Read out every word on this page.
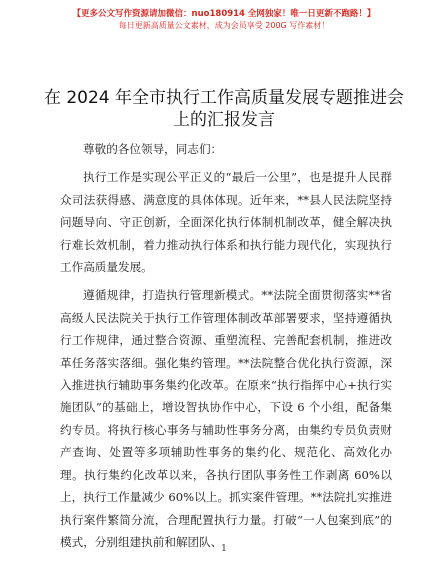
【更多公文写作资源请加微信：nuo180914 全网独家！唯一日更新不跑路！】
每日更新高质量公文素材，成为会员享受 200G 写作素材！
在 2024 年全市执行工作高质量发展专题推进会
上的汇报发言

尊敬的各位领导，同志们：

执行工作是实现公平正义的“最后一公里”，也是提升人民群众司法获得感、满意度的具体体现。近年来，**县人民法院坚持问题导向、守正创新，全面深化执行体制机制改革，健全解决执行难长效机制，着力推动执行体系和执行能力现代化，实现执行工作高质量发展。

遵循规律，打造执行管理新模式。**法院全面贯彻落实**省高级人民法院关于执行工作管理体制改革部署要求，坚持遵循执行工作规律，通过整合资源、重塑流程、完善配套机制，推进改革任务落实落细。强化集约管理。**法院整合优化执行资源，深入推进执行辅助事务集约化改革。在原来“执行指挥中心+执行实施团队”的基础上，增设智执协作中心，下设 6 个小组，配备集约专员。将执行核心事务与辅助性事务分离，由集约专员负责财产查询、处置等多项辅助性事务的集约化、规范化、高效化办理。执行集约化改革以来，各执行团队事务性工作剥离 60%以上，执行工作量减少 60%以上。抓实案件管理。**法院扎实推进执行案件繁简分流，合理配置执行力量。打破“一人包案到底”的模式，分别组建执前和解团队、

1
